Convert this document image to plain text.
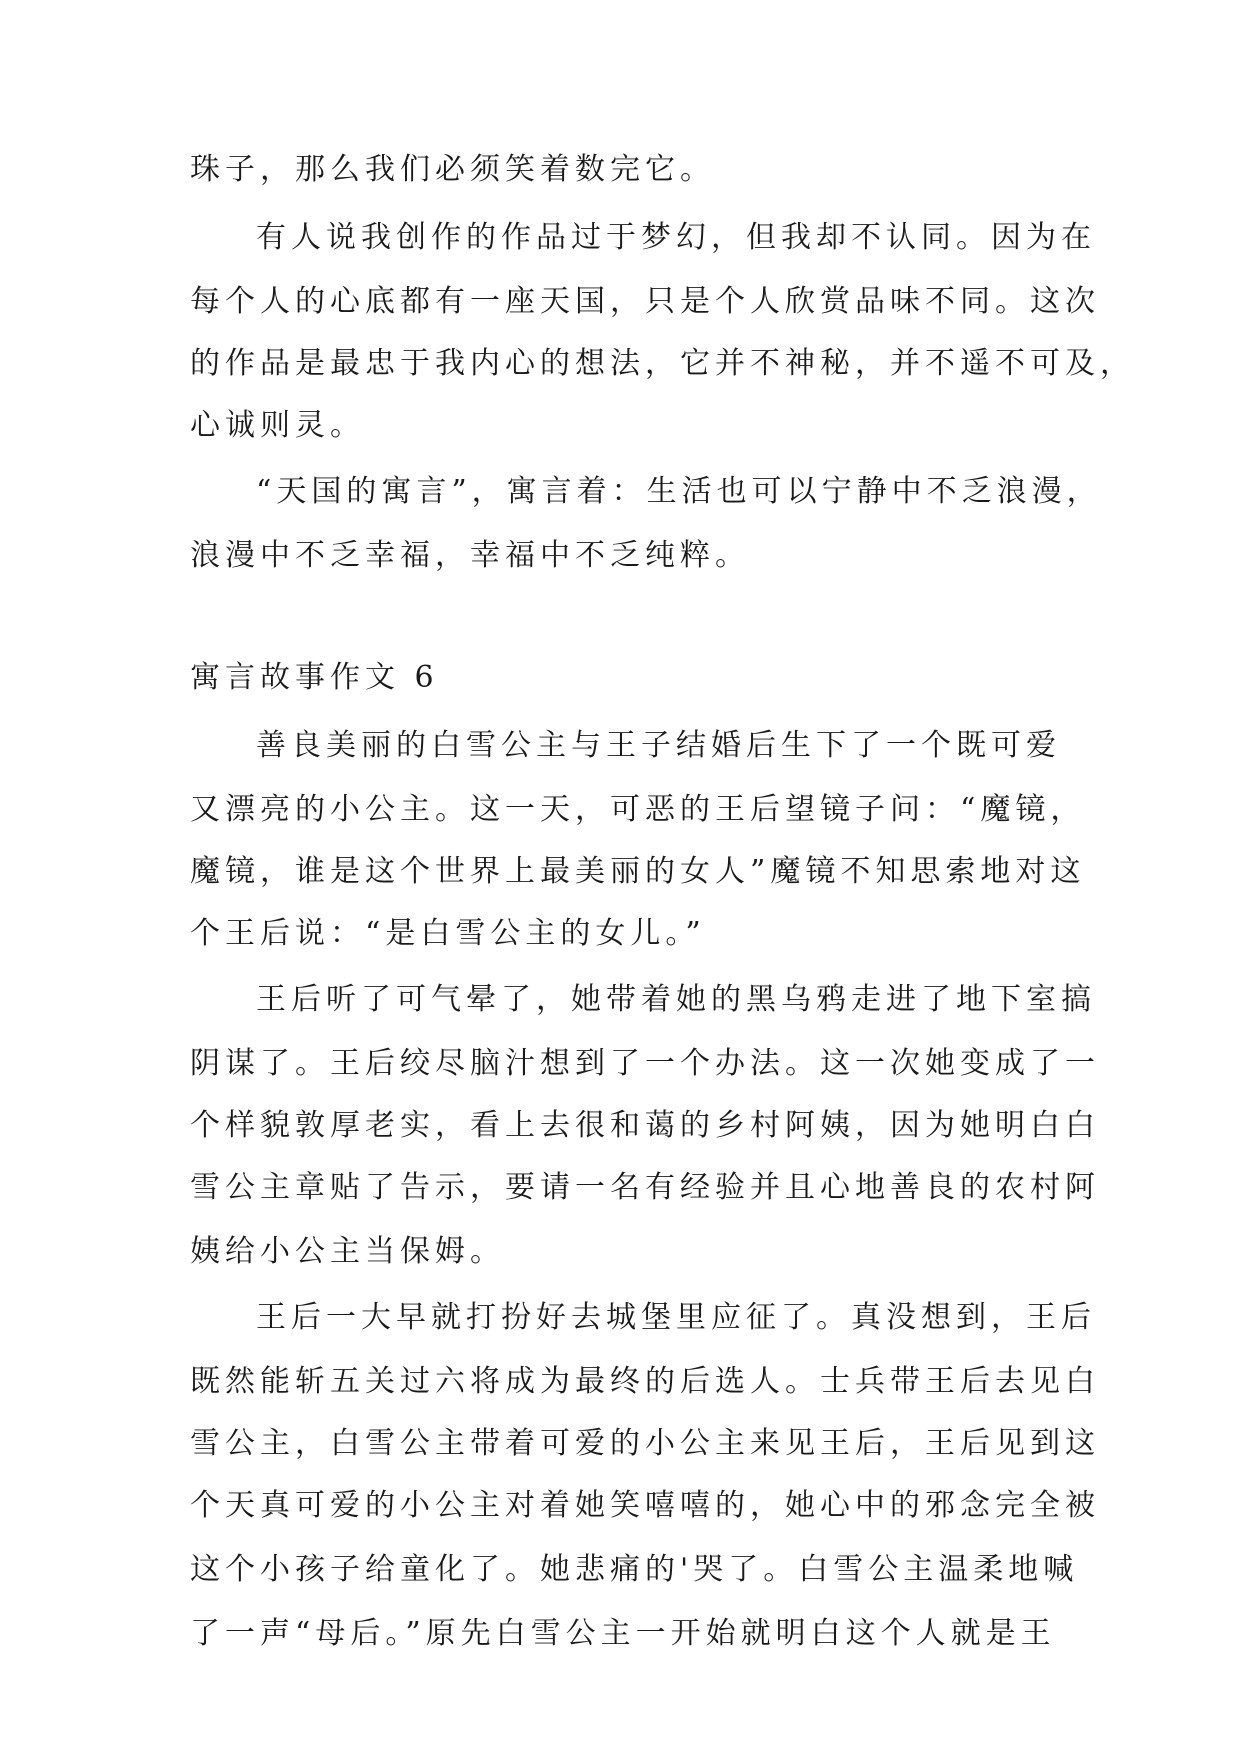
珠子，那么我们必须笑着数完它。
有人说我创作的作品过于梦幻，但我却不认同。因为在
每个人的心底都有一座天国，只是个人欣赏品味不同。这次
的作品是最忠于我内心的想法，它并不神秘，并不遥不可及，
心诚则灵。
“天国的寓言”，寓言着：生活也可以宁静中不乏浪漫，
浪漫中不乏幸福，幸福中不乏纯粹。
寓言故事作文 6
善良美丽的白雪公主与王子结婚后生下了一个既可爱
又漂亮的小公主。这一天，可恶的王后望镜子问：“魔镜，
魔镜，谁是这个世界上最美丽的女人”魔镜不知思索地对这
个王后说：“是白雪公主的女儿。”
王后听了可气晕了，她带着她的黑乌鸦走进了地下室搞
阴谋了。王后绞尽脑汁想到了一个办法。这一次她变成了一
个样貌敦厚老实，看上去很和蔼的乡村阿姨，因为她明白白
雪公主章贴了告示，要请一名有经验并且心地善良的农村阿
姨给小公主当保姆。
王后一大早就打扮好去城堡里应征了。真没想到，王后
既然能斩五关过六将成为最终的后选人。士兵带王后去见白
雪公主，白雪公主带着可爱的小公主来见王后，王后见到这
个天真可爱的小公主对着她笑嘻嘻的，她心中的邪念完全被
这个小孩子给童化了。她悲痛的'哭了。白雪公主温柔地喊
了一声“母后。”原先白雪公主一开始就明白这个人就是王
